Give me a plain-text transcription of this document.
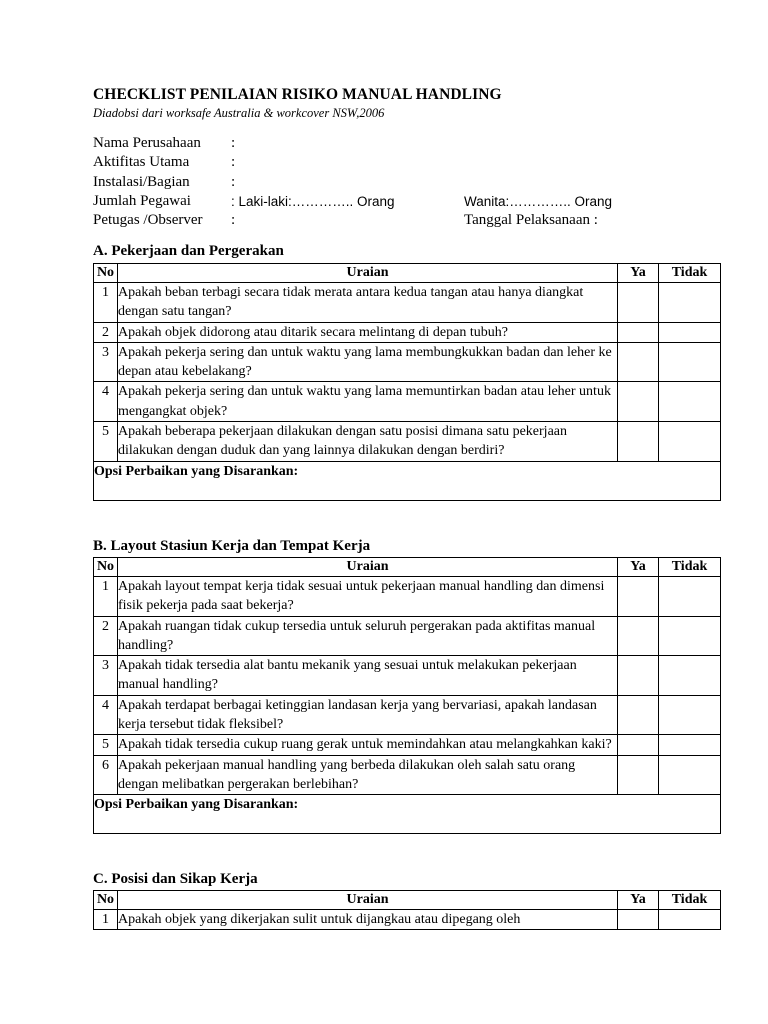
CHECKLIST PENILAIAN RISIKO MANUAL HANDLING
Diadobsi dari worksafe Australia & workcover NSW,2006
Nama Perusahaan :
Aktifitas Utama	:
Instalasi/Bagian	:
Jumlah Pegawai	: Laki-laki:………….. Orang	Wanita:………….. Orang
Petugas /Observer :	Tanggal Pelaksanaan :
A. Pekerjaan dan Pergerakan
No	Uraian	Ya	Tidak
1	Apakah beban terbagi secara tidak merata antara kedua tangan atau hanya diangkat dengan satu tangan?		
2	Apakah objek didorong atau ditarik secara melintang di depan tubuh?		
3	Apakah pekerja sering dan untuk waktu yang lama membungkukkan badan dan leher ke depan atau kebelakang?		
4	Apakah pekerja sering dan untuk waktu yang lama memuntirkan badan atau leher untuk mengangkat objek?		
5	Apakah beberapa pekerjaan dilakukan dengan satu posisi dimana satu pekerjaan dilakukan dengan duduk dan yang lainnya dilakukan dengan berdiri?		
Opsi Perbaikan yang Disarankan:			
B. Layout Stasiun Kerja dan Tempat Kerja
No	Uraian	Ya	Tidak
1	Apakah layout tempat kerja tidak sesuai untuk pekerjaan manual handling dan dimensi fisik pekerja pada saat bekerja?		
2	Apakah ruangan tidak cukup tersedia untuk seluruh pergerakan pada aktifitas manual handling?		
3	Apakah tidak tersedia alat bantu mekanik yang sesuai untuk melakukan pekerjaan manual handling?		
4	Apakah terdapat berbagai ketinggian landasan kerja yang bervariasi, apakah landasan kerja tersebut tidak fleksibel?		
5	Apakah tidak tersedia cukup ruang gerak untuk memindahkan atau melangkahkan kaki?		
6	Apakah pekerjaan manual handling yang berbeda dilakukan oleh salah satu orang dengan melibatkan pergerakan berlebihan?		
Opsi Perbaikan yang Disarankan:			
C. Posisi dan Sikap Kerja
No	Uraian	Ya	Tidak
1	Apakah objek yang dikerjakan sulit untuk dijangkau atau dipegang oleh		
